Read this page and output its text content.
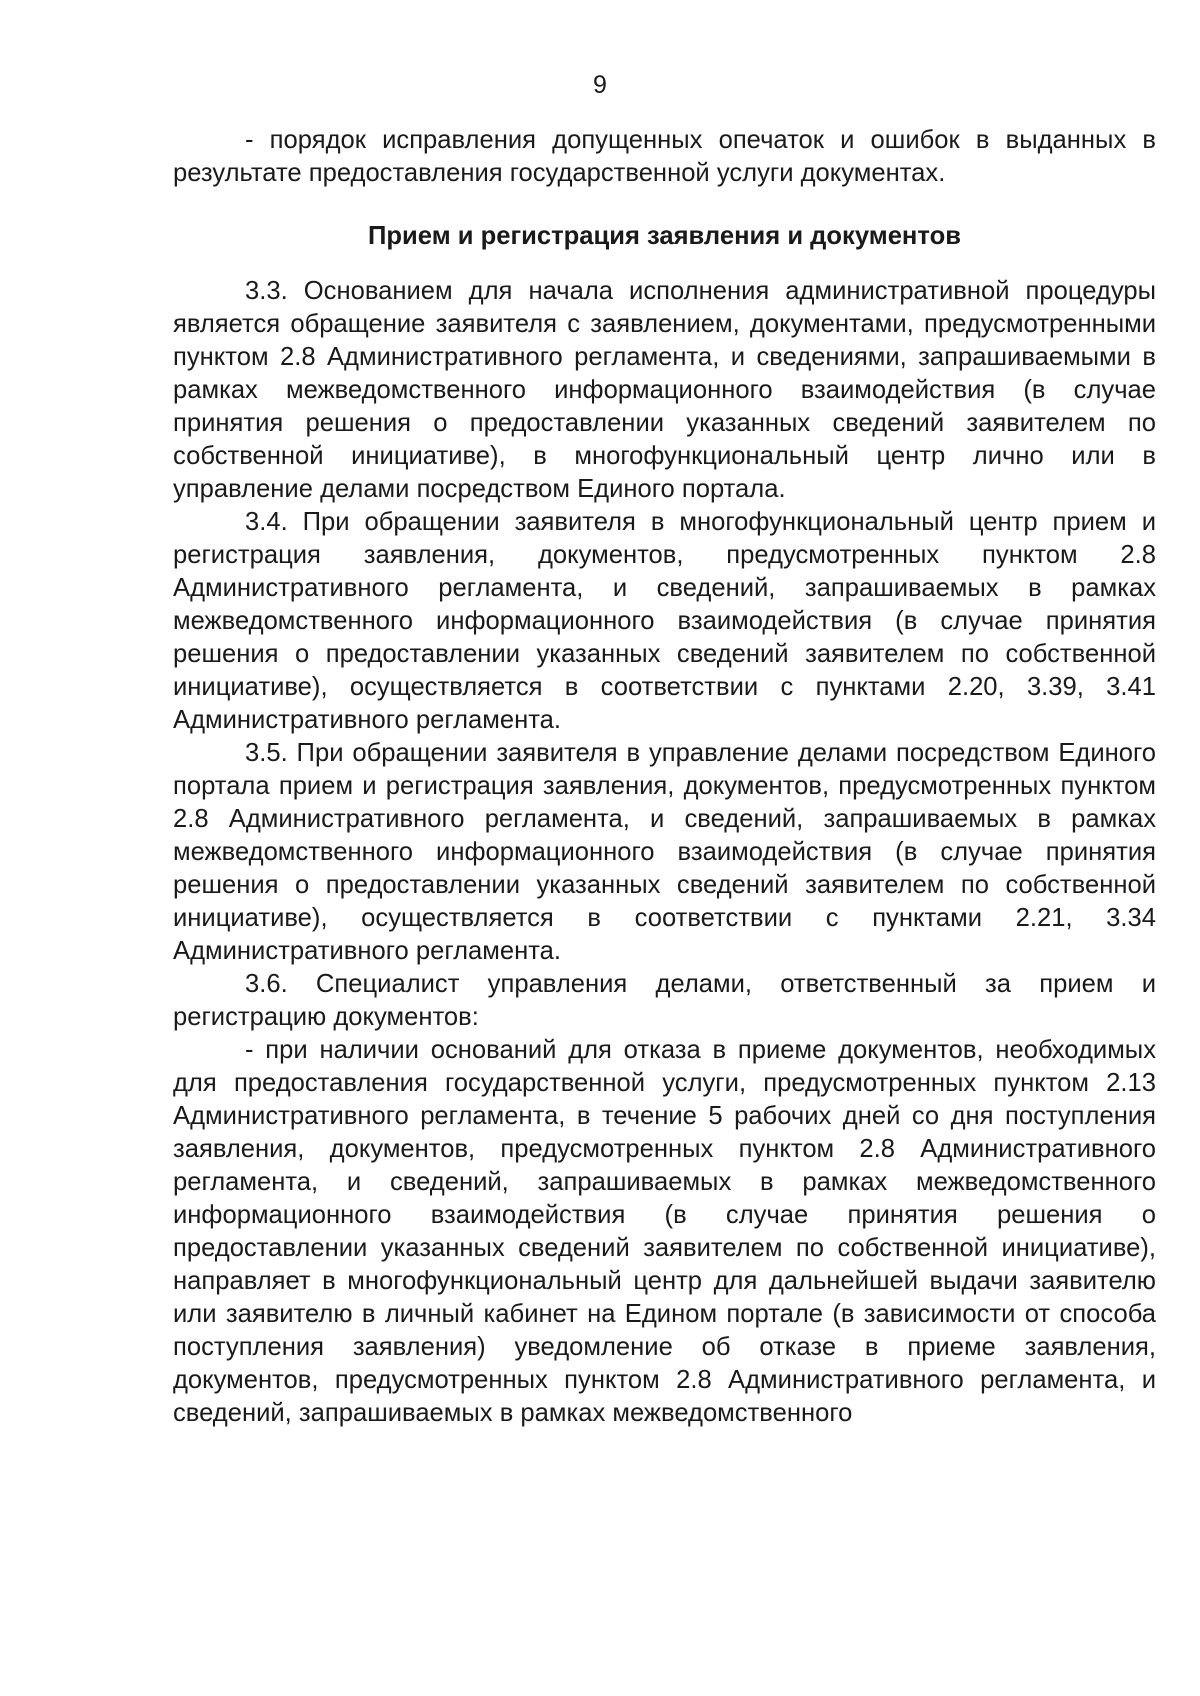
9

- порядок исправления допущенных опечаток и ошибок в выданных в результате предоставления государственной услуги документах.

Прием и регистрация заявления и документов

3.3. Основанием для начала исполнения административной процедуры является обращение заявителя с заявлением, документами, предусмотренными пунктом 2.8 Административного регламента, и сведениями, запрашиваемыми в рамках межведомственного информационного взаимодействия (в случае принятия решения о предоставлении указанных сведений заявителем по собственной инициативе), в многофункциональный центр лично или в управление делами посредством Единого портала.

3.4. При обращении заявителя в многофункциональный центр прием и регистрация заявления, документов, предусмотренных пунктом 2.8 Административного регламента, и сведений, запрашиваемых в рамках межведомственного информационного взаимодействия (в случае принятия решения о предоставлении указанных сведений заявителем по собственной инициативе), осуществляется в соответствии с пунктами 2.20, 3.39, 3.41 Административного регламента.

3.5. При обращении заявителя в управление делами посредством Единого портала прием и регистрация заявления, документов, предусмотренных пунктом 2.8 Административного регламента, и сведений, запрашиваемых в рамках межведомственного информационного взаимодействия (в случае принятия решения о предоставлении указанных сведений заявителем по собственной инициативе), осуществляется в соответствии с пунктами 2.21, 3.34 Административного регламента.

3.6. Специалист управления делами, ответственный за прием и регистрацию документов:

- при наличии оснований для отказа в приеме документов, необходимых для предоставления государственной услуги, предусмотренных пунктом 2.13 Административного регламента, в течение 5 рабочих дней со дня поступления заявления, документов, предусмотренных пунктом 2.8 Административного регламента, и сведений, запрашиваемых в рамках межведомственного информационного взаимодействия (в случае принятия решения о предоставлении указанных сведений заявителем по собственной инициативе), направляет в многофункциональный центр для дальнейшей выдачи заявителю или заявителю в личный кабинет на Едином портале (в зависимости от способа поступления заявления) уведомление об отказе в приеме заявления, документов, предусмотренных пунктом 2.8 Административного регламента, и сведений, запрашиваемых в рамках межведомственного
